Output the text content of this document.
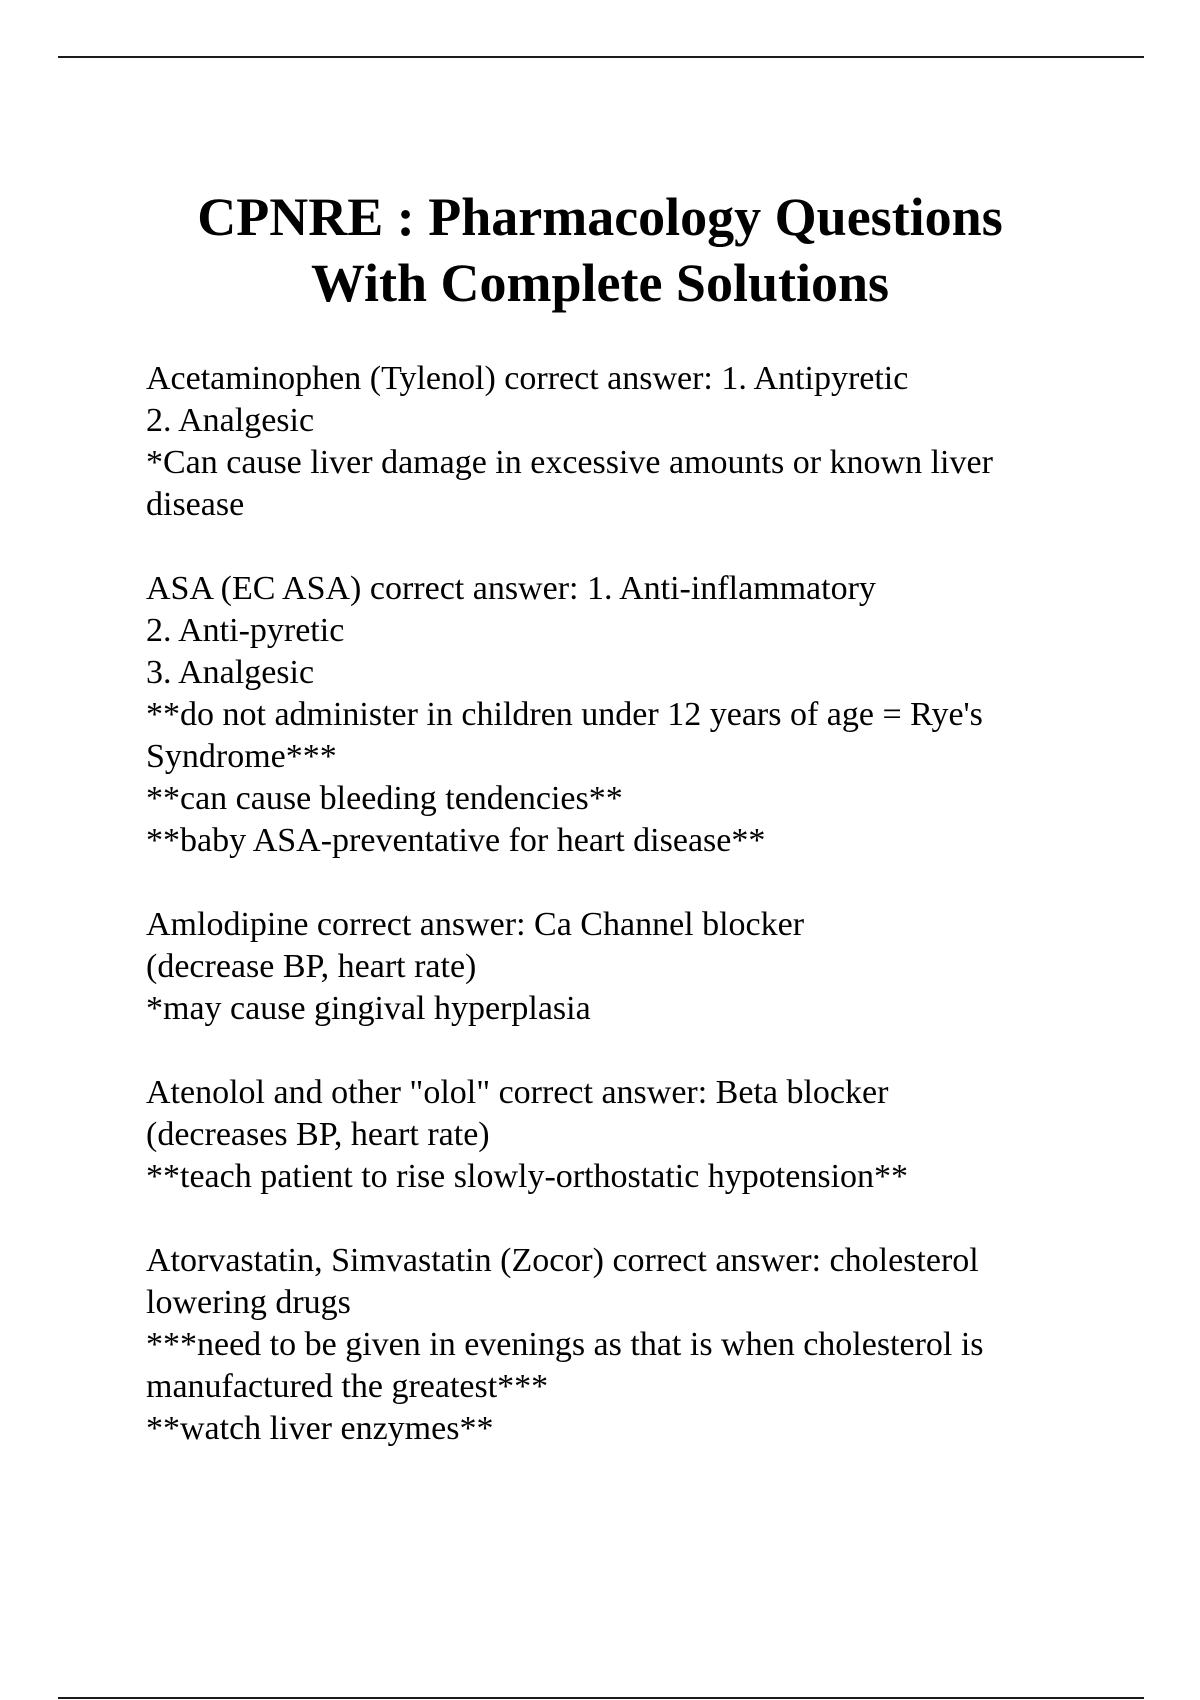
CPNRE : Pharmacology Questions
With Complete Solutions
Acetaminophen (Tylenol) correct answer: 1. Antipyretic
2. Analgesic
*Can cause liver damage in excessive amounts or known liver
disease
ASA (EC ASA) correct answer: 1. Anti-inflammatory
2. Anti-pyretic
3. Analgesic
**do not administer in children under 12 years of age = Rye's
Syndrome***
**can cause bleeding tendencies**
**baby ASA-preventative for heart disease**
Amlodipine correct answer: Ca Channel blocker
(decrease BP, heart rate)
*may cause gingival hyperplasia
Atenolol and other "olol" correct answer: Beta blocker
(decreases BP, heart rate)
**teach patient to rise slowly-orthostatic hypotension**
Atorvastatin, Simvastatin (Zocor) correct answer: cholesterol
lowering drugs
***need to be given in evenings as that is when cholesterol is
manufactured the greatest***
**watch liver enzymes**
